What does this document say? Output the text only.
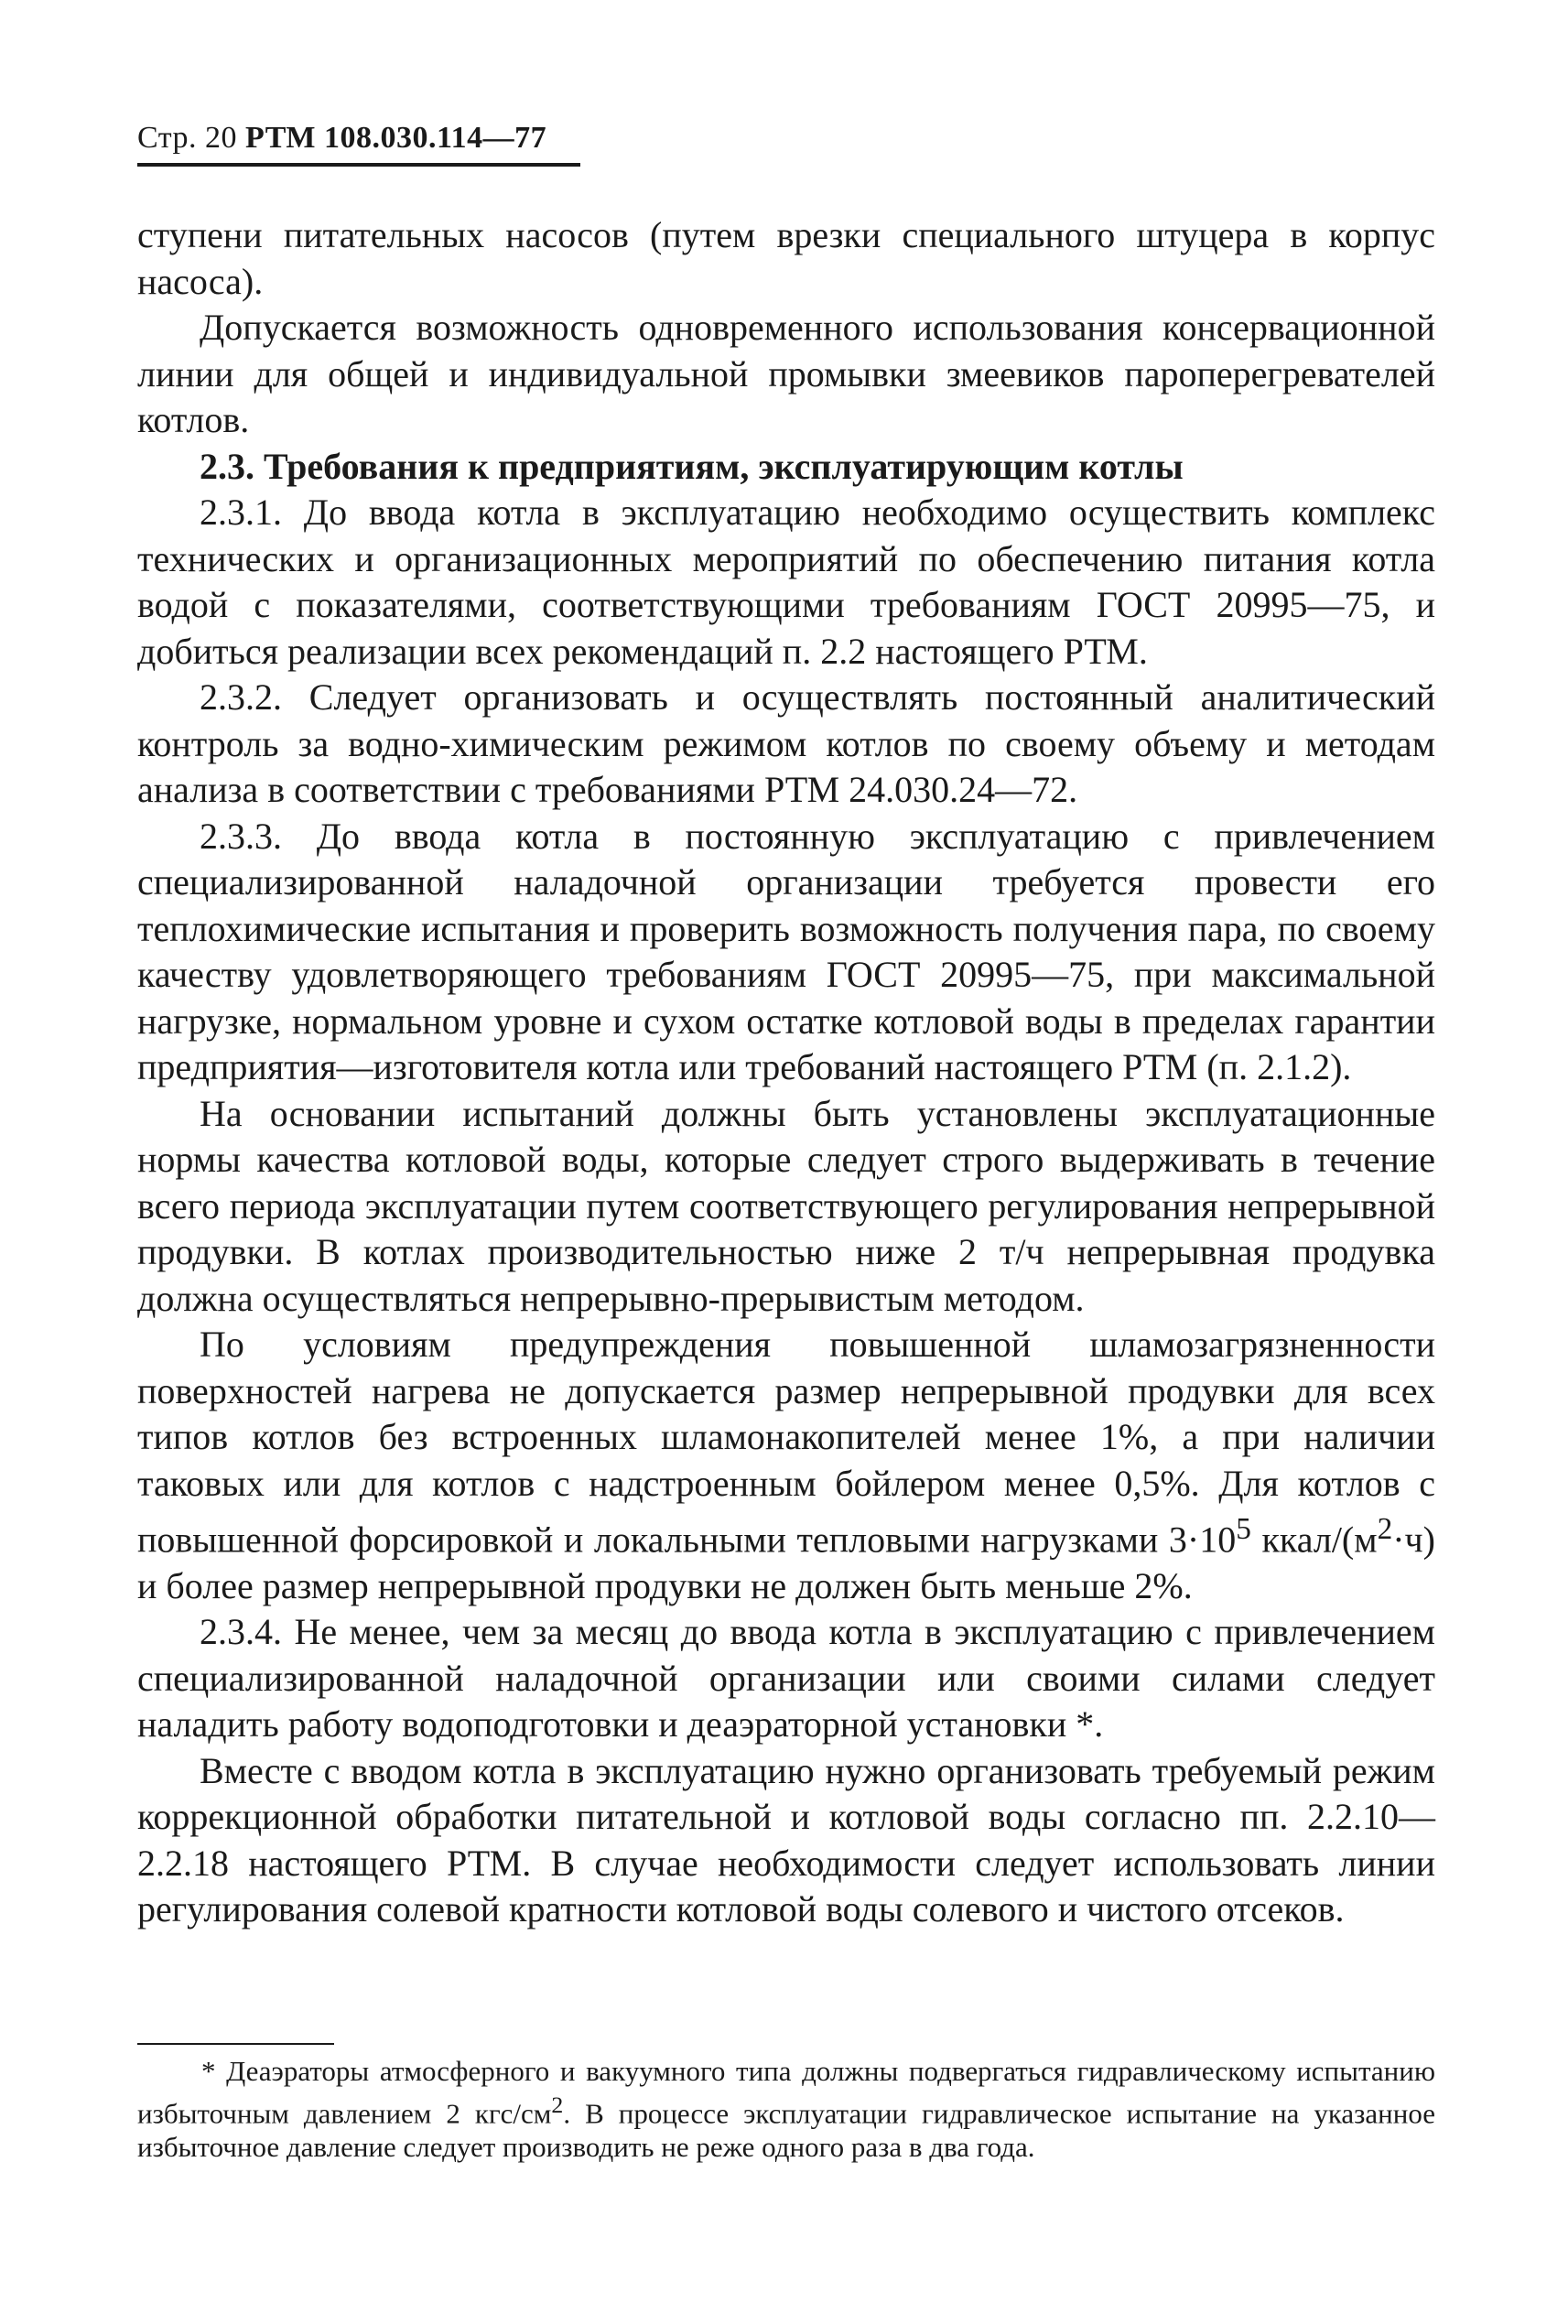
Стр. 20 РТМ 108.030.114—77

ступени питательных насосов (путем врезки специального штуцера в корпус насоса).

Допускается возможность одновременного использования консервационной линии для общей и индивидуальной промывки змеевиков пароперегревателей котлов.

2.3. Требования к предприятиям, эксплуатирующим котлы

2.3.1. До ввода котла в эксплуатацию необходимо осуществить комплекс технических и организационных мероприятий по обеспечению питания котла водой с показателями, соответствующими требованиям ГОСТ 20995—75, и добиться реализации всех рекомендаций п. 2.2 настоящего РТМ.

2.3.2. Следует организовать и осуществлять постоянный аналитический контроль за водно-химическим режимом котлов по своему объему и методам анализа в соответствии с требованиями РТМ 24.030.24—72.

2.3.3. До ввода котла в постоянную эксплуатацию с привлечением специализированной наладочной организации требуется провести его теплохимические испытания и проверить возможность получения пара, по своему качеству удовлетворяющего требованиям ГОСТ 20995—75, при максимальной нагрузке, нормальном уровне и сухом остатке котловой воды в пределах гарантии предприятия—изготовителя котла или требований настоящего РТМ (п. 2.1.2).

На основании испытаний должны быть установлены эксплуатационные нормы качества котловой воды, которые следует строго выдерживать в течение всего периода эксплуатации путем соответствующего регулирования непрерывной продувки. В котлах производительностью ниже 2 т/ч непрерывная продувка должна осуществляться непрерывно-прерывистым методом.

По условиям предупреждения повышенной шламозагрязненности поверхностей нагрева не допускается размер непрерывной продувки для всех типов котлов без встроенных шламонакопителей менее 1%, а при наличии таковых или для котлов с надстроенным бойлером менее 0,5%. Для котлов с повышенной форсировкой и локальными тепловыми нагрузками $3\cdot 10^5$ ккал/$(м^2\cdot ч)$ и более размер непрерывной продувки не должен быть меньше 2%.

2.3.4. Не менее, чем за месяц до ввода котла в эксплуатацию с привлечением специализированной наладочной организации или своими силами следует наладить работу водоподготовки и деаэраторной установки *.

Вместе с вводом котла в эксплуатацию нужно организовать требуемый режим коррекционной обработки питательной и котловой воды согласно пп. 2.2.10—2.2.18 настоящего РТМ. В случае необходимости следует использовать линии регулирования солевой кратности котловой воды солевого и чистого отсеков.

* Деаэраторы атмосферного и вакуумного типа должны подвергаться гидравлическому испытанию избыточным давлением 2 кгс/$см^2$. В процессе эксплуатации гидравлическое испытание на указанное избыточное давление следует производить не реже одного раза в два года.
